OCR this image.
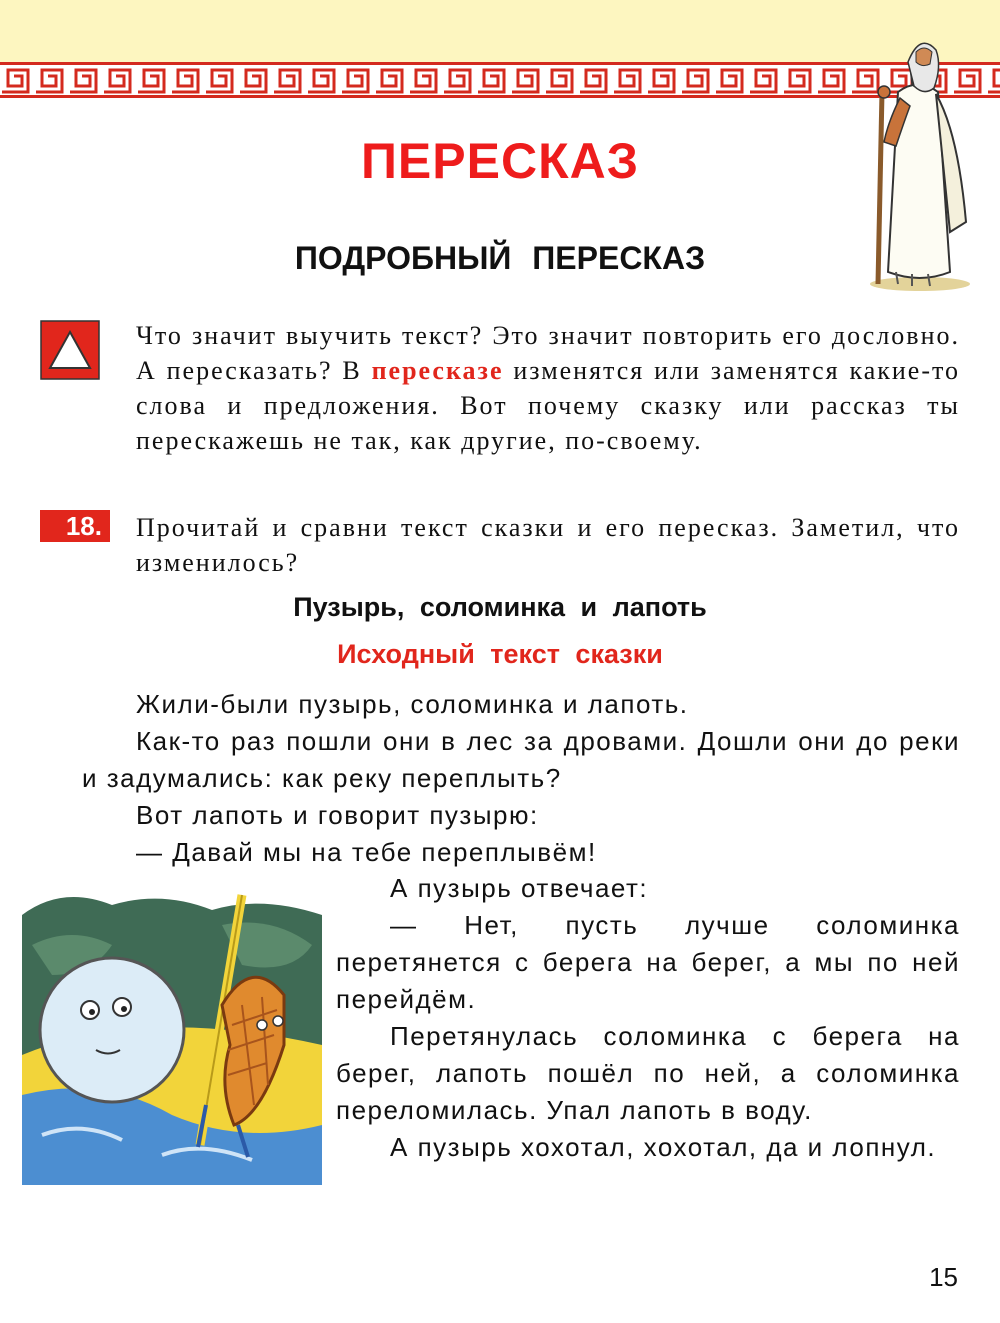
ПЕРЕСКАЗ
ПОДРОБНЫЙ ПЕРЕСКАЗ

Что значит выучить текст? Это значит повторить его дословно. А пересказать? В пересказе изменятся или заменятся какие-то слова и предложения. Вот почему сказку или рассказ ты перескажешь не так, как другие, по-своему.

18.	Прочитай и сравни текст сказки и его пересказ. Заметил, что изменилось?

Пузырь, соломинка и лапоть
Исходный текст сказки

Жили-были пузырь, соломинка и лапоть.

Как-то раз пошли они в лес за дровами. Дошли они до реки и задумались: как реку переплыть?

Вот лапоть и говорит пузырю:

— Давай мы на тебе переплывём!

А пузырь отвечает:

— Нет, пусть лучше соломинка перетянется с берега на берег, а мы по ней перейдём.

Перетянулась соломинка с берега на берег, лапоть пошёл по ней, а соломинка переломилась. Упал лапоть в воду.

А пузырь хохотал, хохотал, да и лопнул.

15
